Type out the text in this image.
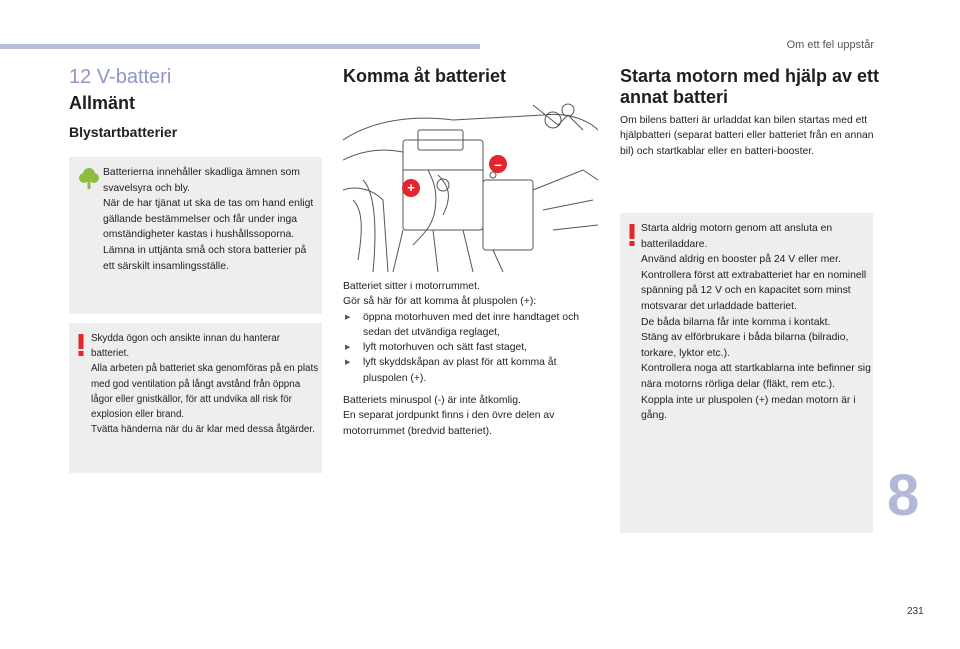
Om ett fel uppstår
12 V-batteri
Allmänt
Blystartbatterier
Batterierna innehåller skadliga ämnen som svavelsyra och bly.
När de har tjänat ut ska de tas om hand enligt gällande bestämmelser och får under inga omständigheter kastas i hushållssoporna.
Lämna in uttjänta små och stora batterier på ett särskilt insamlingsställe.
Skydda ögon och ansikte innan du hanterar batteriet.
Alla arbeten på batteriet ska genomföras på en plats med god ventilation på långt avstånd från öppna lågor eller gnistkällor, för att undvika all risk för explosion eller brand.
Tvätta händerna när du är klar med dessa åtgärder.
Komma åt batteriet
+
–
Batteriet sitter i motorrummet.
Gör så här för att komma åt pluspolen (+):
▶ öppna motorhuven med det inre handtaget och sedan det utvändiga reglaget,
▶ lyft motorhuven och sätt fast staget,
▶ lyft skyddskåpan av plast för att komma åt pluspolen (+).
Batteriets minuspol (-) är inte åtkomlig.
En separat jordpunkt finns i den övre delen av motorrummet (bredvid batteriet).
Starta motorn med hjälp av ett annat batteri
Om bilens batteri är urladdat kan bilen startas med ett hjälpbatteri (separat batteri eller batteriet från en annan bil) och startkablar eller en batteri-booster.
Starta aldrig motorn genom att ansluta en batteriladdare.
Använd aldrig en booster på 24 V eller mer.
Kontrollera först att extrabatteriet har en nominell spänning på 12 V och en kapacitet som minst motsvarar det urladdade batteriet.
De båda bilarna får inte komma i kontakt.
Stäng av elförbrukare i båda bilarna (bilradio, torkare, lyktor etc.).
Kontrollera noga att startkablarna inte befinner sig nära motorns rörliga delar (fläkt, rem etc.).
Koppla inte ur pluspolen (+) medan motorn är i gång.
8
231
